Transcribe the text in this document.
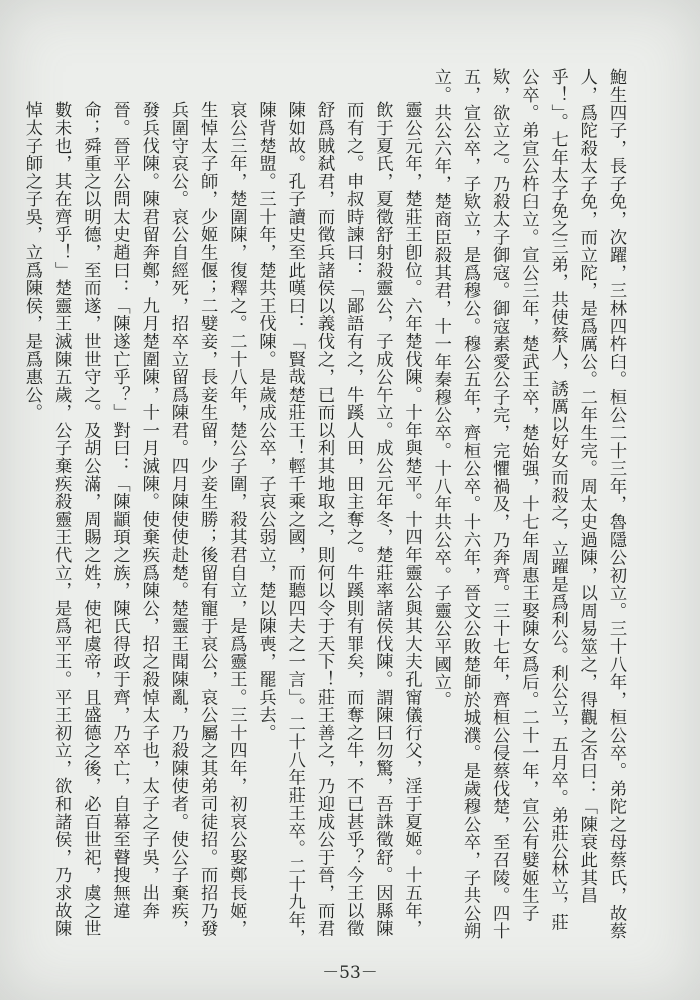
鮑生四子，長子免，次躍，三林四杵臼。桓公二十三年，魯隱公初立。三十八年，桓公卒。弟陀之母蔡氏，故蔡人，爲陀殺太子免，而立陀，是爲厲公。二年生完。周太史過陳，以周易筮之，得觀之否曰：「陳衰此其昌乎！」。七年太子免之三弟，共使蔡人，誘厲以好女而殺之，立躍是爲利公。利公立，五月卒。弟莊公林立，莊公卒。弟宣公杵臼立。宣公三年，楚武王卒，楚始强，十七年周惠王娶陳女爲后。二十一年，宣公有嬖姬生子欵，欲立之。乃殺太子御寇。御寇素愛公子完，完懼禍及，乃奔齊。三十七年，齊桓公侵蔡伐楚，至召陵。四十五，宣公卒，子欵立，是爲穆公。穆公五年，齊桓公卒。十六年，晉文公敗楚師於城濮。是歲穆公卒，子共公朔立。共公六年，楚商臣殺其君，十一年秦穆公卒。十八年共公卒。子靈公平國立。

靈公元年，楚莊王卽位。六年楚伐陳。十年與楚平。十四年靈公與其大夫孔甯儀行父，淫于夏姬。十五年，飲于夏氏，夏徵舒射殺靈公，子成公午立。成公元年冬，楚莊率諸侯伐陳。謂陳曰勿驚，吾誅徵舒。因縣陳而有之。申叔時諫曰：「鄙語有之，牛蹊人田，田主奪之。牛蹊則有罪矣，而奪之牛，不已甚乎？今王以徵舒爲賊弑君，而徵兵諸侯以義伐之，已而以利其地取之，則何以令于天下！莊王善之，乃迎成公于晉，而君陳如故。孔子讀史至此嘆曰：「賢哉楚莊王！輕千乘之國，而聽四夫之一言」。二十八年莊王卒。二十九年，陳背楚盟。三十年，楚共王伐陳。是歲成公卒，子哀公弱立，楚以陳喪，罷兵去。

哀公三年，楚圍陳，復釋之。二十八年，楚公子圍，殺其君自立，是爲靈王。三十四年，初哀公娶鄭長姬，生悼太子師，少姬生偃；二嬖妾，長妾生留，少妾生勝；後留有寵于哀公，哀公屬之其弟司徒招。而招乃發兵圍守哀公。哀公自經死，招卒立留爲陳君。四月陳使使赴楚。楚靈王聞陳亂，乃殺陳使者。使公子棄疾，發兵伐陳。陳君留奔鄭，九月楚圍陳，十一月滅陳。使棄疾爲陳公，招之殺悼太子也，太子之子吳，出奔晉。晉平公問太史趙曰：「陳遂亡乎？」對曰：「陳顓頊之族，陳氏得政于齊，乃卒亡，自幕至瞽搜無違命；舜重之以明德，至而遂，世世守之。及胡公滿，周賜之姓，使祀虞帝，且盛德之後，必百世祀，虞之世數未也，其在齊乎！」楚靈王滅陳五歲，公子棄疾殺靈王代立，是爲平王。平王初立，欲和諸侯，乃求故陳悼太子師之子吳，立爲陳侯，是爲惠公。

－53－
